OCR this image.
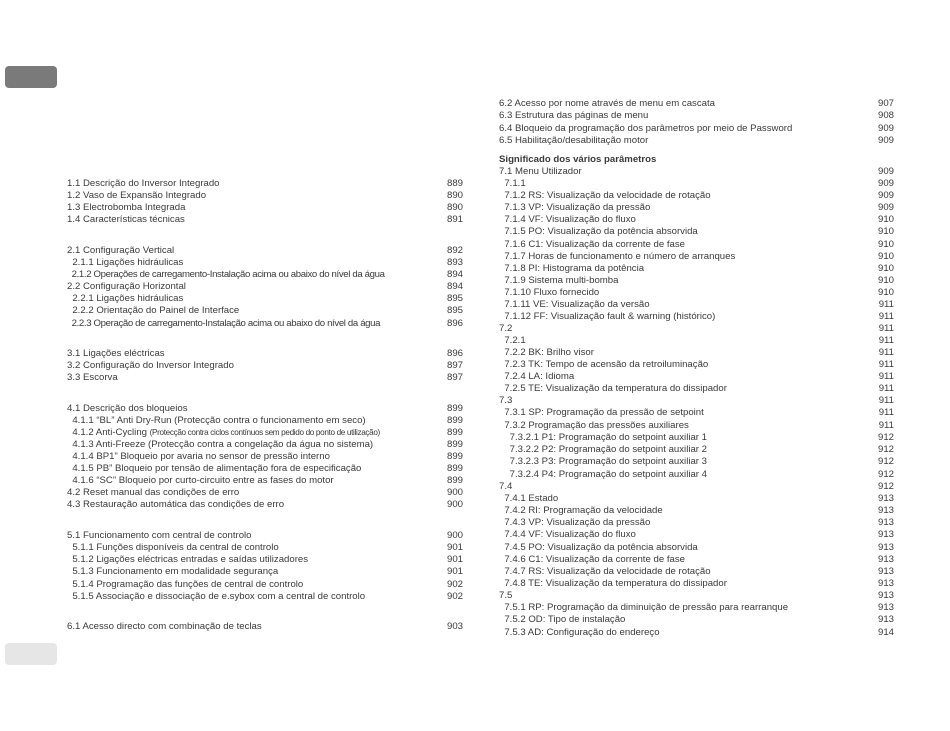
1.1 Descrição do Inversor Integrado	889
1.2 Vaso de Expansão Integrado	890
1.3 Electrobomba Integrada	890
1.4 Características técnicas	891
2.1 Configuração Vertical	892
2.1.1 Ligações hidráulicas	893
2.1.2 Operações de carregamento-Instalação acima ou abaixo do nível da água	894
2.2 Configuração Horizontal	894
2.2.1 Ligações hidráulicas	895
2.2.2 Orientação do Painel de Interface	895
2.2.3 Operação de carregamento-Instalação acima ou abaixo do nível da água	896
3.1 Ligações eléctricas	896
3.2 Configuração do Inversor Integrado	897
3.3 Escorva	897
4.1 Descrição dos bloqueios	899
4.1.1 “BL” Anti Dry-Run (Protecção contra o funcionamento em seco)	899
4.1.2 Anti-Cycling (Protecção contra ciclos contínuos sem pedido do ponto de utilização)	899
4.1.3 Anti-Freeze (Protecção contra a congelação da água no sistema)	899
4.1.4 BP1” Bloqueio por avaria no sensor de pressão interno	899
4.1.5 PB” Bloqueio por tensão de alimentação fora de especificação	899
4.1.6 “SC” Bloqueio por curto-circuito entre as fases do motor	899
4.2 Reset manual das condições de erro	900
4.3 Restauração automática das condições de erro	900
5.1 Funcionamento com central de controlo	900
5.1.1 Funções disponíveis da central de controlo	901
5.1.2 Ligações eléctricas entradas e saídas utilizadores	901
5.1.3 Funcionamento em modalidade segurança	901
5.1.4 Programação das funções de central de controlo	902
5.1.5 Associação e dissociação de e.sybox com a central de controlo	902
6.1 Acesso directo com combinação de teclas	903
6.2 Acesso por nome através de menu em cascata	907
6.3 Estrutura das páginas de menu	908
6.4 Bloqueio da programação dos parâmetros por meio de Password	909
6.5 Habilitação/desabilitação motor	909
Significado dos vários parâmetros
7.1 Menu Utilizador	909
7.1.1	909
7.1.2 RS: Visualização da velocidade de rotação	909
7.1.3 VP: Visualização da pressão	909
7.1.4 VF: Visualização do fluxo	910
7.1.5 PO: Visualização da potência absorvida	910
7.1.6 C1: Visualização da corrente de fase	910
7.1.7 Horas de funcionamento e número de arranques	910
7.1.8 PI: Histograma da potência	910
7.1.9 Sistema multi-bomba	910
7.1.10 Fluxo fornecido	910
7.1.11 VE: Visualização da versão	911
7.1.12 FF: Visualização fault & warning (histórico)	911
7.2	911
7.2.1	911
7.2.2 BK: Brilho visor	911
7.2.3 TK: Tempo de acensão da retroiluminação	911
7.2.4 LA: Idioma	911
7.2.5 TE: Visualização da temperatura do dissipador	911
7.3	911
7.3.1 SP: Programação da pressão de setpoint	911
7.3.2 Programação das pressões auxiliares	911
7.3.2.1 P1: Programação do setpoint auxiliar 1	912
7.3.2.2 P2: Programação do setpoint auxiliar 2	912
7.3.2.3 P3: Programação do setpoint auxiliar 3	912
7.3.2.4 P4: Programação do setpoint auxiliar 4	912
7.4	912
7.4.1 Estado	913
7.4.2 RI: Programação da velocidade	913
7.4.3 VP: Visualização da pressão	913
7.4.4 VF: Visualização do fluxo	913
7.4.5 PO: Visualização da potência absorvida	913
7.4.6 C1: Visualização da corrente de fase	913
7.4.7 RS: Visualização da velocidade de rotação	913
7.4.8 TE: Visualização da temperatura do dissipador	913
7.5	913
7.5.1 RP: Programação da diminuição de pressão para rearranque	913
7.5.2 OD: Tipo de instalação	913
7.5.3 AD: Configuração do endereço	914
